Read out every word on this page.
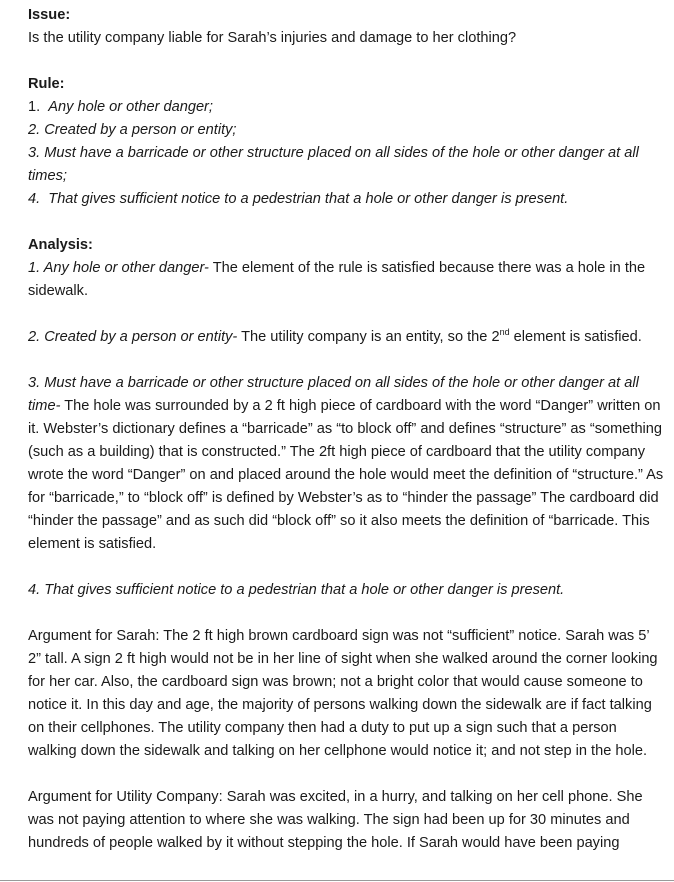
Issue:

Is the utility company liable for Sarah’s injuries and damage to her clothing?

Rule:

1. Any hole or other danger;

2. Created by a person or entity;

3. Must have a barricade or other structure placed on all sides of the hole or other danger at all times;

4. That gives sufficient notice to a pedestrian that a hole or other danger is present.

Analysis:

1. Any hole or other danger- The element of the rule is satisfied because there was a hole in the sidewalk.

2. Created by a person or entity- The utility company is an entity, so the 2nd element is satisfied.

3. Must have a barricade or other structure placed on all sides of the hole or other danger at all time- The hole was surrounded by a 2 ft high piece of cardboard with the word “Danger” written on it. Webster’s dictionary defines a “barricade” as “to block off” and defines “structure” as “something (such as a building) that is constructed.” The 2ft high piece of cardboard that the utility company wrote the word “Danger” on and placed around the hole would meet the definition of “structure.” As for “barricade,” to “block off” is defined by Webster’s as to “hinder the passage” The cardboard did “hinder the passage” and as such did “block off” so it also meets the definition of “barricade. This element is satisfied.

4. That gives sufficient notice to a pedestrian that a hole or other danger is present.

Argument for Sarah: The 2 ft high brown cardboard sign was not “sufficient” notice. Sarah was 5’ 2” tall. A sign 2 ft high would not be in her line of sight when she walked around the corner looking for her car. Also, the cardboard sign was brown; not a bright color that would cause someone to notice it. In this day and age, the majority of persons walking down the sidewalk are if fact talking on their cellphones. The utility company then had a duty to put up a sign such that a person walking down the sidewalk and talking on her cellphone would notice it; and not step in the hole.

Argument for Utility Company: Sarah was excited, in a hurry, and talking on her cell phone. She was not paying attention to where she was walking. The sign had been up for 30 minutes and hundreds of people walked by it without stepping the hole. If Sarah would have been paying
